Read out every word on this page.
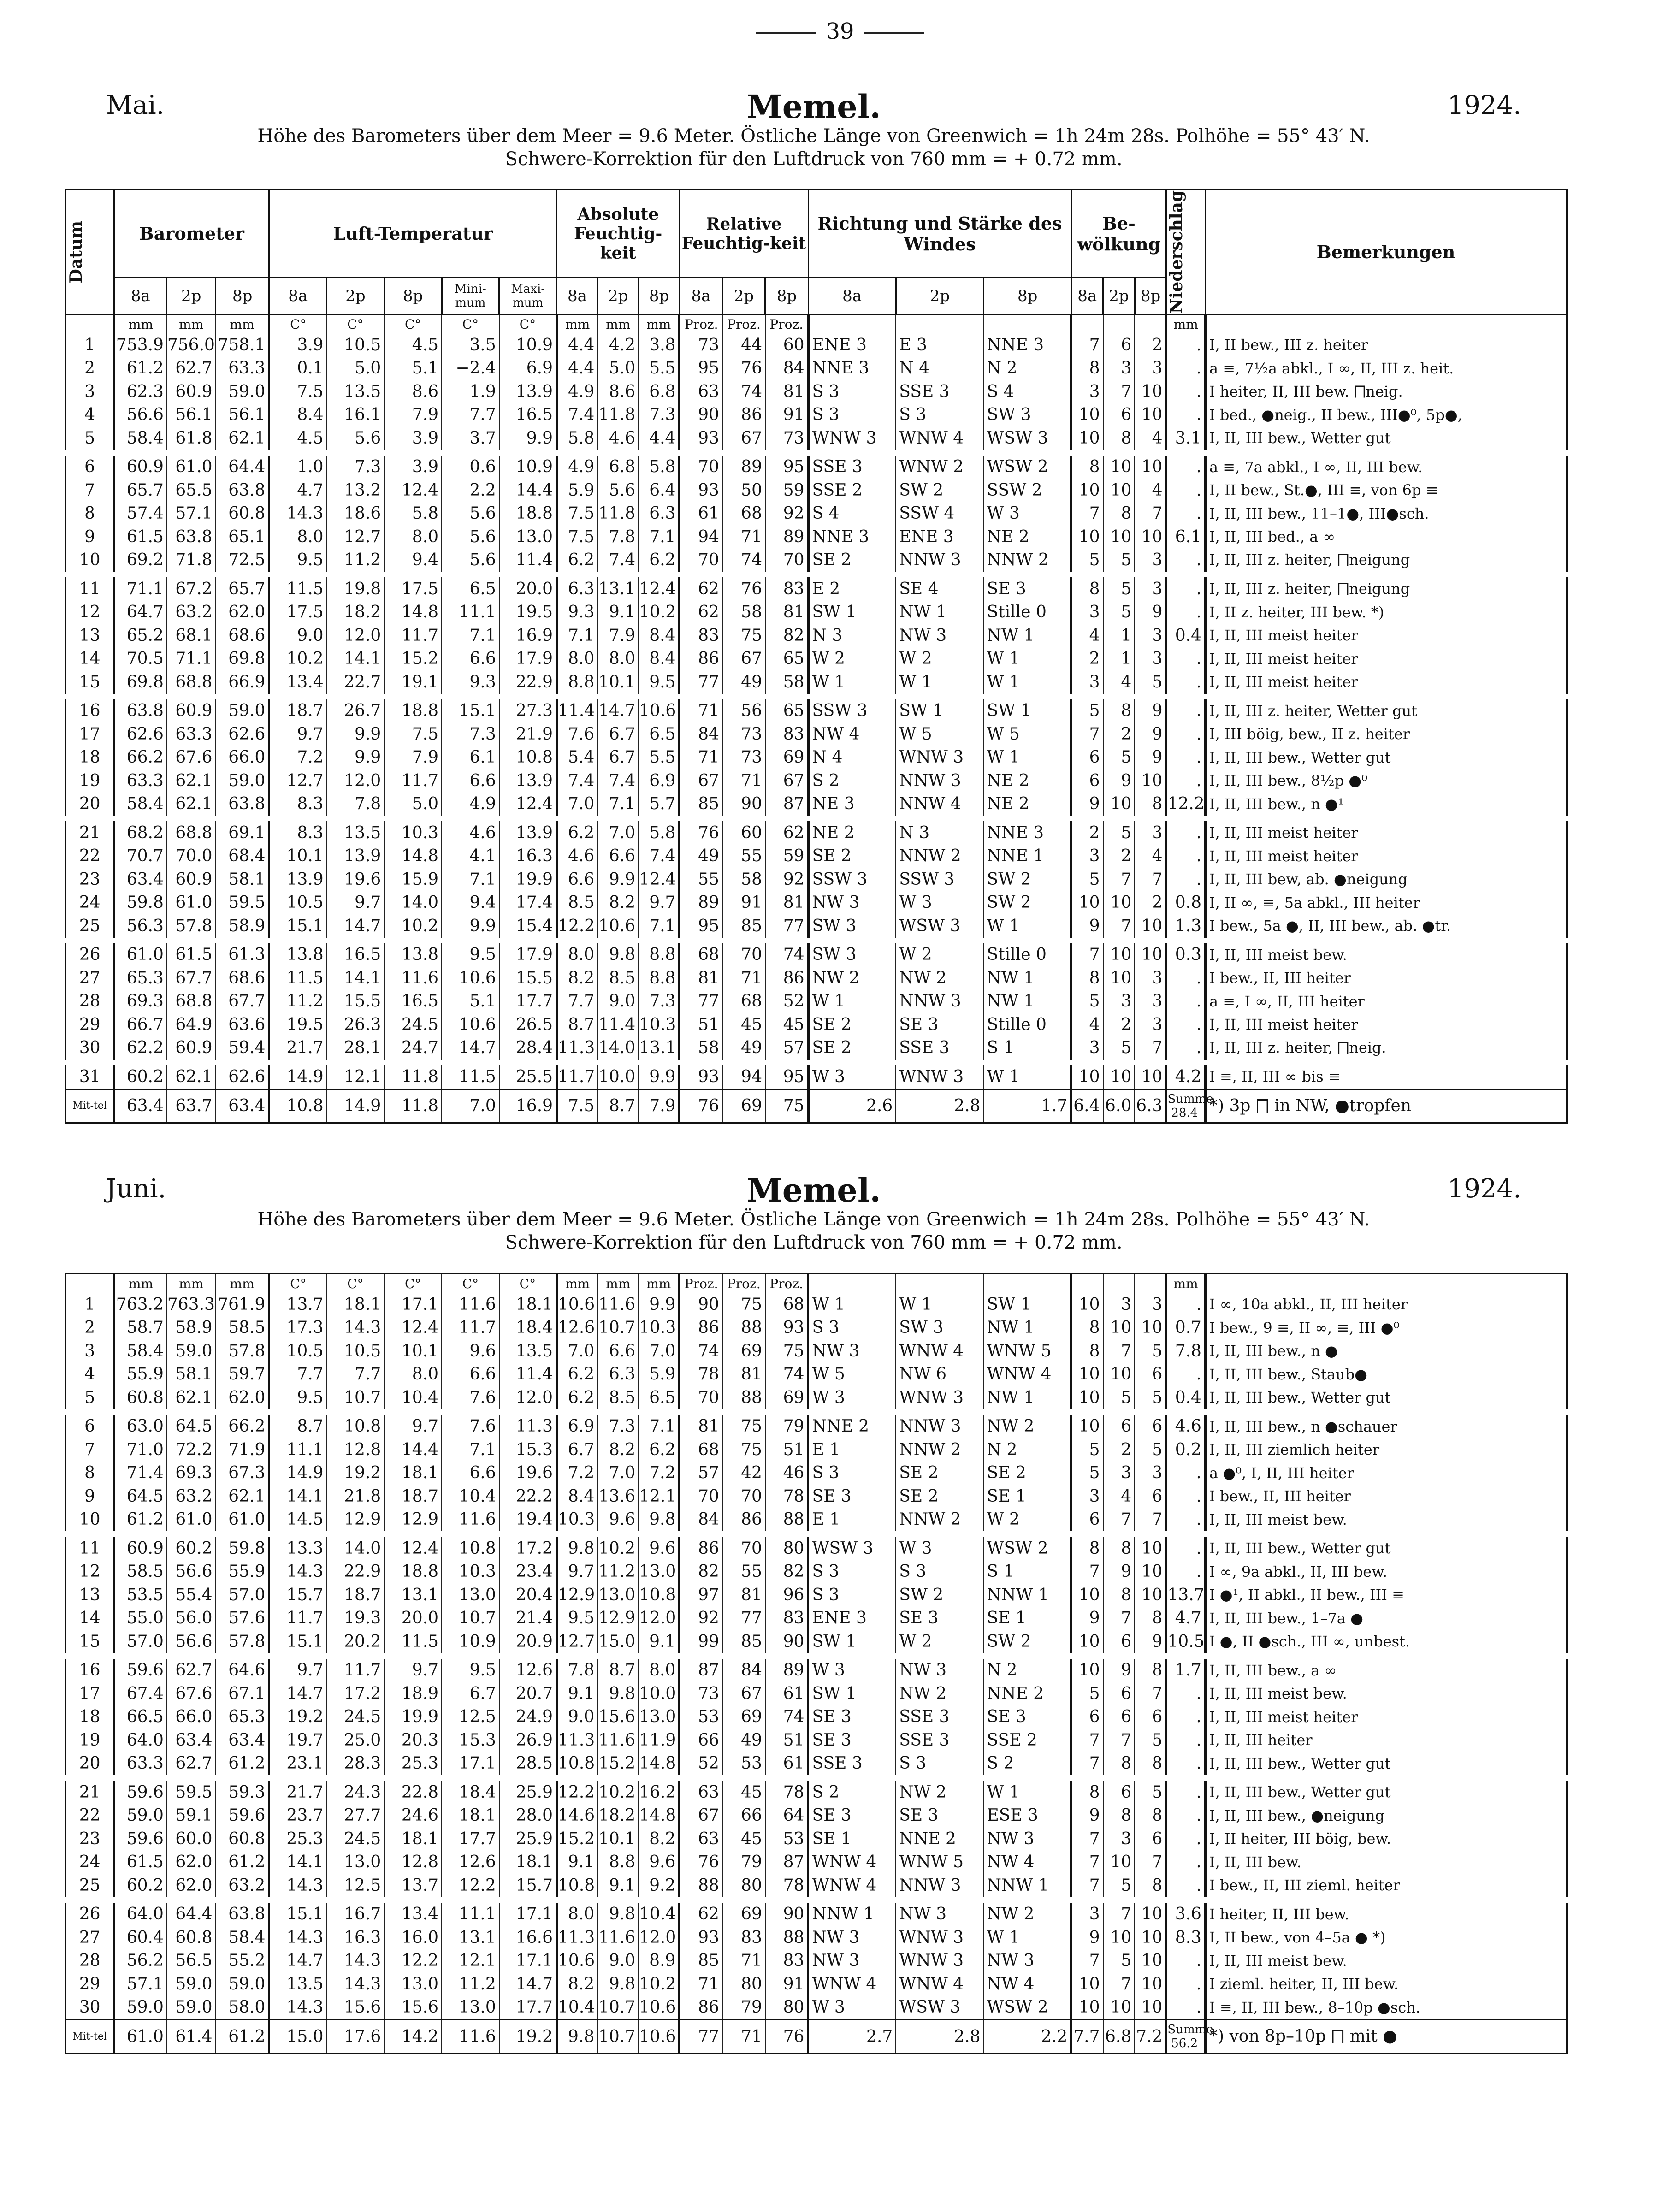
39
Mai.	Memel.	1924.
Höhe des Barometers über dem Meer = 9.6 Meter. Östliche Länge von Greenwich = 1h 24m 28s. Polhöhe = 55° 43′ N.
Schwere-Korrektion für den Luftdruck von 760 mm = + 0.72 mm.
Datum	Barometer			Luft-Temperatur					Absolute Feuchtig-keit			Relative Feuchtig-keit			Richtung und Stärke des Windes			Be-wölkung			Niederschlag	Bemerkungen
	8a	2p	8p	8a	2p	8p	Mini-mum	Maxi-mum	8a	2p	8p	8a	2p	8p	8a	2p	8p	8a	2p	8p		
	mm	mm	mm	C°	C°	C°	C°	C°	mm	mm	mm	Proz.	Proz.	Proz.							mm	
1	753.9	756.0	758.1	3.9	10.5	4.5	3.5	10.9	4.4	4.2	3.8	73	44	60	ENE 3	E 3	NNE 3	7	6	2	.	I, II bew., III z. heiter
2	61.2	62.7	63.3	0.1	5.0	5.1	−2.4	6.9	4.4	5.0	5.5	95	76	84	NNE 3	N 4	N 2	8	3	3	.	a ≡, 7½a abkl., I ∞, II, III z. heit.
3	62.3	60.9	59.0	7.5	13.5	8.6	1.9	13.9	4.9	8.6	6.8	63	74	81	S 3	SSE 3	S 4	3	7	10	.	I heiter, II, III bew. ⨅neig.
4	56.6	56.1	56.1	8.4	16.1	7.9	7.7	16.5	7.4	11.8	7.3	90	86	91	S 3	S 3	SW 3	10	6	10	.	I bed., ●neig., II bew., III●⁰, 5p●,
5	58.4	61.8	62.1	4.5	5.6	3.9	3.7	9.9	5.8	4.6	4.4	93	67	73	WNW 3	WNW 4	WSW 3	10	8	4	3.1	I, II, III bew., Wetter gut
6	60.9	61.0	64.4	1.0	7.3	3.9	0.6	10.9	4.9	6.8	5.8	70	89	95	SSE 3	WNW 2	WSW 2	8	10	10	.	a ≡, 7a abkl., I ∞, II, III bew.
7	65.7	65.5	63.8	4.7	13.2	12.4	2.2	14.4	5.9	5.6	6.4	93	50	59	SSE 2	SW 2	SSW 2	10	10	4	.	I, II bew., St.●, III ≡, von 6p ≡
8	57.4	57.1	60.8	14.3	18.6	5.8	5.6	18.8	7.5	11.8	6.3	61	68	92	S 4	SSW 4	W 3	7	8	7	.	I, II, III bew., 11–1●, III●sch.
9	61.5	63.8	65.1	8.0	12.7	8.0	5.6	13.0	7.5	7.8	7.1	94	71	89	NNE 3	ENE 3	NE 2	10	10	10	6.1	I, II, III bed., a ∞
10	69.2	71.8	72.5	9.5	11.2	9.4	5.6	11.4	6.2	7.4	6.2	70	74	70	SE 2	NNW 3	NNW 2	5	5	3	.	I, II, III z. heiter, ⨅neigung
11	71.1	67.2	65.7	11.5	19.8	17.5	6.5	20.0	6.3	13.1	12.4	62	76	83	E 2	SE 4	SE 3	8	5	3	.	I, II, III z. heiter, ⨅neigung
12	64.7	63.2	62.0	17.5	18.2	14.8	11.1	19.5	9.3	9.1	10.2	62	58	81	SW 1	NW 1	Stille 0	3	5	9	.	I, II z. heiter, III bew. *)
13	65.2	68.1	68.6	9.0	12.0	11.7	7.1	16.9	7.1	7.9	8.4	83	75	82	N 3	NW 3	NW 1	4	1	3	0.4	I, II, III meist heiter
14	70.5	71.1	69.8	10.2	14.1	15.2	6.6	17.9	8.0	8.0	8.4	86	67	65	W 2	W 2	W 1	2	1	3	.	I, II, III meist heiter
15	69.8	68.8	66.9	13.4	22.7	19.1	9.3	22.9	8.8	10.1	9.5	77	49	58	W 1	W 1	W 1	3	4	5	.	I, II, III meist heiter
16	63.8	60.9	59.0	18.7	26.7	18.8	15.1	27.3	11.4	14.7	10.6	71	56	65	SSW 3	SW 1	SW 1	5	8	9	.	I, II, III z. heiter, Wetter gut
17	62.6	63.3	62.6	9.7	9.9	7.5	7.3	21.9	7.6	6.7	6.5	84	73	83	NW 4	W 5	W 5	7	2	9	.	I, III böig, bew., II z. heiter
18	66.2	67.6	66.0	7.2	9.9	7.9	6.1	10.8	5.4	6.7	5.5	71	73	69	N 4	WNW 3	W 1	6	5	9	.	I, II, III bew., Wetter gut
19	63.3	62.1	59.0	12.7	12.0	11.7	6.6	13.9	7.4	7.4	6.9	67	71	67	S 2	NNW 3	NE 2	6	9	10	.	I, II, III bew., 8½p ●⁰
20	58.4	62.1	63.8	8.3	7.8	5.0	4.9	12.4	7.0	7.1	5.7	85	90	87	NE 3	NNW 4	NE 2	9	10	8	12.2	I, II, III bew., n ●¹
21	68.2	68.8	69.1	8.3	13.5	10.3	4.6	13.9	6.2	7.0	5.8	76	60	62	NE 2	N 3	NNE 3	2	5	3	.	I, II, III meist heiter
22	70.7	70.0	68.4	10.1	13.9	14.8	4.1	16.3	4.6	6.6	7.4	49	55	59	SE 2	NNW 2	NNE 1	3	2	4	.	I, II, III meist heiter
23	63.4	60.9	58.1	13.9	19.6	15.9	7.1	19.9	6.6	9.9	12.4	55	58	92	SSW 3	SSW 3	SW 2	5	7	7	.	I, II, III bew, ab. ●neigung
24	59.8	61.0	59.5	10.5	9.7	14.0	9.4	17.4	8.5	8.2	9.7	89	91	81	NW 3	W 3	SW 2	10	10	2	0.8	I, II ∞, ≡, 5a abkl., III heiter
25	56.3	57.8	58.9	15.1	14.7	10.2	9.9	15.4	12.2	10.6	7.1	95	85	77	SW 3	WSW 3	W 1	9	7	10	1.3	I bew., 5a ●, II, III bew., ab. ●tr.
26	61.0	61.5	61.3	13.8	16.5	13.8	9.5	17.9	8.0	9.8	8.8	68	70	74	SW 3	W 2	Stille 0	7	10	10	0.3	I, II, III meist bew.
27	65.3	67.7	68.6	11.5	14.1	11.6	10.6	15.5	8.2	8.5	8.8	81	71	86	NW 2	NW 2	NW 1	8	10	3	.	I bew., II, III heiter
28	69.3	68.8	67.7	11.2	15.5	16.5	5.1	17.7	7.7	9.0	7.3	77	68	52	W 1	NNW 3	NW 1	5	3	3	.	a ≡, I ∞, II, III heiter
29	66.7	64.9	63.6	19.5	26.3	24.5	10.6	26.5	8.7	11.4	10.3	51	45	45	SE 2	SE 3	Stille 0	4	2	3	.	I, II, III meist heiter
30	62.2	60.9	59.4	21.7	28.1	24.7	14.7	28.4	11.3	14.0	13.1	58	49	57	SE 2	SSE 3	S 1	3	5	7	.	I, II, III z. heiter, ⨅neig.
31	60.2	62.1	62.6	14.9	12.1	11.8	11.5	25.5	11.7	10.0	9.9	93	94	95	W 3	WNW 3	W 1	10	10	10	4.2	I ≡, II, III ∞ bis ≡
Mit-tel	63.4	63.7	63.4	10.8	14.9	11.8	7.0	16.9	7.5	8.7	7.9	76	69	75	2.6	2.8	1.7	6.4	6.0	6.3	Summe 28.4	*) 3p ⨅ in NW, ●tropfen
Juni.	Memel.	1924.
Höhe des Barometers über dem Meer = 9.6 Meter. Östliche Länge von Greenwich = 1h 24m 28s. Polhöhe = 55° 43′ N.
Schwere-Korrektion für den Luftdruck von 760 mm = + 0.72 mm.
	mm	mm	mm	C°	C°	C°	C°	C°	mm	mm	mm	Proz.	Proz.	Proz.							mm	
1	763.2	763.3	761.9	13.7	18.1	17.1	11.6	18.1	10.6	11.6	9.9	90	75	68	W 1	W 1	SW 1	10	3	3	.	I ∞, 10a abkl., II, III heiter
2	58.7	58.9	58.5	17.3	14.3	12.4	11.7	18.4	12.6	10.7	10.3	86	88	93	S 3	SW 3	NW 1	8	10	10	0.7	I bew., 9 ≡, II ∞, ≡, III ●⁰
3	58.4	59.0	57.8	10.5	10.5	10.1	9.6	13.5	7.0	6.6	7.0	74	69	75	NW 3	WNW 4	WNW 5	8	7	5	7.8	I, II, III bew., n ●
4	55.9	58.1	59.7	7.7	7.7	8.0	6.6	11.4	6.2	6.3	5.9	78	81	74	W 5	NW 6	WNW 4	10	10	6	.	I, II, III bew., Staub●
5	60.8	62.1	62.0	9.5	10.7	10.4	7.6	12.0	6.2	8.5	6.5	70	88	69	W 3	WNW 3	NW 1	10	5	5	0.4	I, II, III bew., Wetter gut
6	63.0	64.5	66.2	8.7	10.8	9.7	7.6	11.3	6.9	7.3	7.1	81	75	79	NNE 2	NNW 3	NW 2	10	6	6	4.6	I, II, III bew., n ●schauer
7	71.0	72.2	71.9	11.1	12.8	14.4	7.1	15.3	6.7	8.2	6.2	68	75	51	E 1	NNW 2	N 2	5	2	5	0.2	I, II, III ziemlich heiter
8	71.4	69.3	67.3	14.9	19.2	18.1	6.6	19.6	7.2	7.0	7.2	57	42	46	S 3	SE 2	SE 2	5	3	3	.	a ●⁰, I, II, III heiter
9	64.5	63.2	62.1	14.1	21.8	18.7	10.4	22.2	8.4	13.6	12.1	70	70	78	SE 3	SE 2	SE 1	3	4	6	.	I bew., II, III heiter
10	61.2	61.0	61.0	14.5	12.9	12.9	11.6	19.4	10.3	9.6	9.8	84	86	88	E 1	NNW 2	W 2	6	7	7	.	I, II, III meist bew.
11	60.9	60.2	59.8	13.3	14.0	12.4	10.8	17.2	9.8	10.2	9.6	86	70	80	WSW 3	W 3	WSW 2	8	8	10	.	I, II, III bew., Wetter gut
12	58.5	56.6	55.9	14.3	22.9	18.8	10.3	23.4	9.7	11.2	13.0	82	55	82	S 3	S 3	S 1	7	9	10	.	I ∞, 9a abkl., II, III bew.
13	53.5	55.4	57.0	15.7	18.7	13.1	13.0	20.4	12.9	13.0	10.8	97	81	96	S 3	SW 2	NNW 1	10	8	10	13.7	I ●¹, II abkl., II bew., III ≡
14	55.0	56.0	57.6	11.7	19.3	20.0	10.7	21.4	9.5	12.9	12.0	92	77	83	ENE 3	SE 3	SE 1	9	7	8	4.7	I, II, III bew., 1–7a ●
15	57.0	56.6	57.8	15.1	20.2	11.5	10.9	20.9	12.7	15.0	9.1	99	85	90	SW 1	W 2	SW 2	10	6	9	10.5	I ●, II ●sch., III ∞, unbest.
16	59.6	62.7	64.6	9.7	11.7	9.7	9.5	12.6	7.8	8.7	8.0	87	84	89	W 3	NW 3	N 2	10	9	8	1.7	I, II, III bew., a ∞
17	67.4	67.6	67.1	14.7	17.2	18.9	6.7	20.7	9.1	9.8	10.0	73	67	61	SW 1	NW 2	NNE 2	5	6	7	.	I, II, III meist bew.
18	66.5	66.0	65.3	19.2	24.5	19.9	12.5	24.9	9.0	15.6	13.0	53	69	74	SE 3	SSE 3	SE 3	6	6	6	.	I, II, III meist heiter
19	64.0	63.4	63.4	19.7	25.0	20.3	15.3	26.9	11.3	11.6	11.9	66	49	51	SE 3	SSE 3	SSE 2	7	7	5	.	I, II, III heiter
20	63.3	62.7	61.2	23.1	28.3	25.3	17.1	28.5	10.8	15.2	14.8	52	53	61	SSE 3	S 3	S 2	7	8	8	.	I, II, III bew., Wetter gut
21	59.6	59.5	59.3	21.7	24.3	22.8	18.4	25.9	12.2	10.2	16.2	63	45	78	S 2	NW 2	W 1	8	6	5	.	I, II, III bew., Wetter gut
22	59.0	59.1	59.6	23.7	27.7	24.6	18.1	28.0	14.6	18.2	14.8	67	66	64	SE 3	SE 3	ESE 3	9	8	8	.	I, II, III bew., ●neigung
23	59.6	60.0	60.8	25.3	24.5	18.1	17.7	25.9	15.2	10.1	8.2	63	45	53	SE 1	NNE 2	NW 3	7	3	6	.	I, II heiter, III böig, bew.
24	61.5	62.0	61.2	14.1	13.0	12.8	12.6	18.1	9.1	8.8	9.6	76	79	87	WNW 4	WNW 5	NW 4	7	10	7	.	I, II, III bew.
25	60.2	62.0	63.2	14.3	12.5	13.7	12.2	15.7	10.8	9.1	9.2	88	80	78	WNW 4	NNW 3	NNW 1	7	5	8	.	I bew., II, III zieml. heiter
26	64.0	64.4	63.8	15.1	16.7	13.4	11.1	17.1	8.0	9.8	10.4	62	69	90	NNW 1	NW 3	NW 2	3	7	10	3.6	I heiter, II, III bew.
27	60.4	60.8	58.4	14.3	16.3	16.0	13.1	16.6	11.3	11.6	12.0	93	83	88	NW 3	WNW 3	W 1	9	10	10	8.3	I, II bew., von 4–5a ● *)
28	56.2	56.5	55.2	14.7	14.3	12.2	12.1	17.1	10.6	9.0	8.9	85	71	83	NW 3	WNW 3	NW 3	7	5	10	.	I, II, III meist bew.
29	57.1	59.0	59.0	13.5	14.3	13.0	11.2	14.7	8.2	9.8	10.2	71	80	91	WNW 4	WNW 4	NW 4	10	7	10	.	I zieml. heiter, II, III bew.
30	59.0	59.0	58.0	14.3	15.6	15.6	13.0	17.7	10.4	10.7	10.6	86	79	80	W 3	WSW 3	WSW 2	10	10	10	.	I ≡, II, III bew., 8–10p ●sch.
Mit-tel	61.0	61.4	61.2	15.0	17.6	14.2	11.6	19.2	9.8	10.7	10.6	77	71	76	2.7	2.8	2.2	7.7	6.8	7.2	Summe 56.2	*) von 8p–10p ⨅ mit ●
